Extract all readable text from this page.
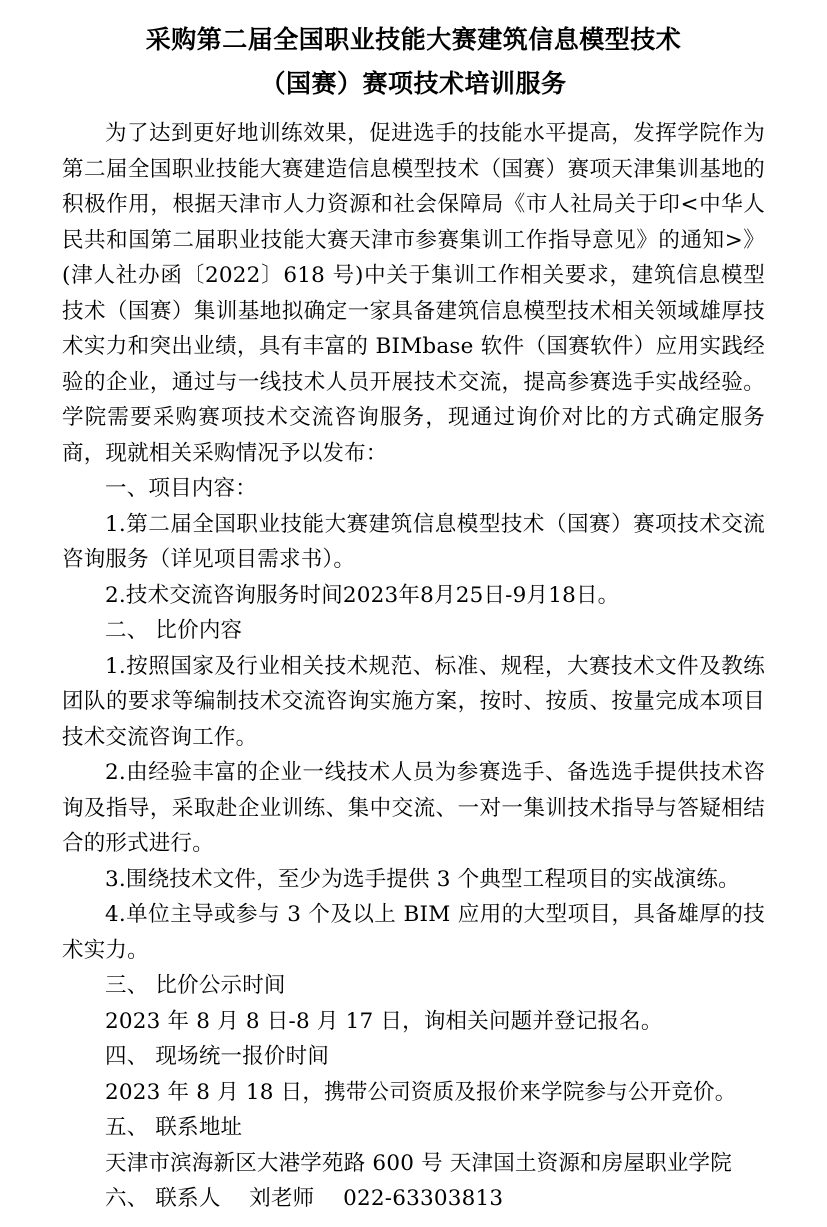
采购第二届全国职业技能大赛建筑信息模型技术
（国赛）赛项技术培训服务

为了达到更好地训练效果，促进选手的技能水平提高，发挥学院作为第二届全国职业技能大赛建造信息模型技术（国赛）赛项天津集训基地的积极作用，根据天津市人力资源和社会保障局《市人社局关于印<中华人民共和国第二届职业技能大赛天津市参赛集训工作指导意见》的通知>》(津人社办函〔2022〕618 号)中关于集训工作相关要求，建筑信息模型技术（国赛）集训基地拟确定一家具备建筑信息模型技术相关领域雄厚技术实力和突出业绩，具有丰富的 BIMbase 软件（国赛软件）应用实践经验的企业，通过与一线技术人员开展技术交流，提高参赛选手实战经验。学院需要采购赛项技术交流咨询服务，现通过询价对比的方式确定服务商，现就相关采购情况予以发布：

一、项目内容：

1.第二届全国职业技能大赛建筑信息模型技术（国赛）赛项技术交流咨询服务（详见项目需求书）。

2.技术交流咨询服务时间2023年8月25日-9月18日。

二、 比价内容

1.按照国家及行业相关技术规范、标准、规程，大赛技术文件及教练团队的要求等编制技术交流咨询实施方案，按时、按质、按量完成本项目技术交流咨询工作。

2.由经验丰富的企业一线技术人员为参赛选手、备选选手提供技术咨询及指导，采取赴企业训练、集中交流、一对一集训技术指导与答疑相结合的形式进行。

3.围绕技术文件，至少为选手提供 3 个典型工程项目的实战演练。

4.单位主导或参与 3 个及以上 BIM 应用的大型项目，具备雄厚的技术实力。

三、 比价公示时间

2023 年 8 月 8 日-8 月 17 日，询相关问题并登记报名。

四、 现场统一报价时间

2023 年 8 月 18 日，携带公司资质及报价来学院参与公开竞价。

五、 联系地址

天津市滨海新区大港学苑路 600 号 天津国土资源和房屋职业学院

六、 联系人　 刘老师　 022-63303813
